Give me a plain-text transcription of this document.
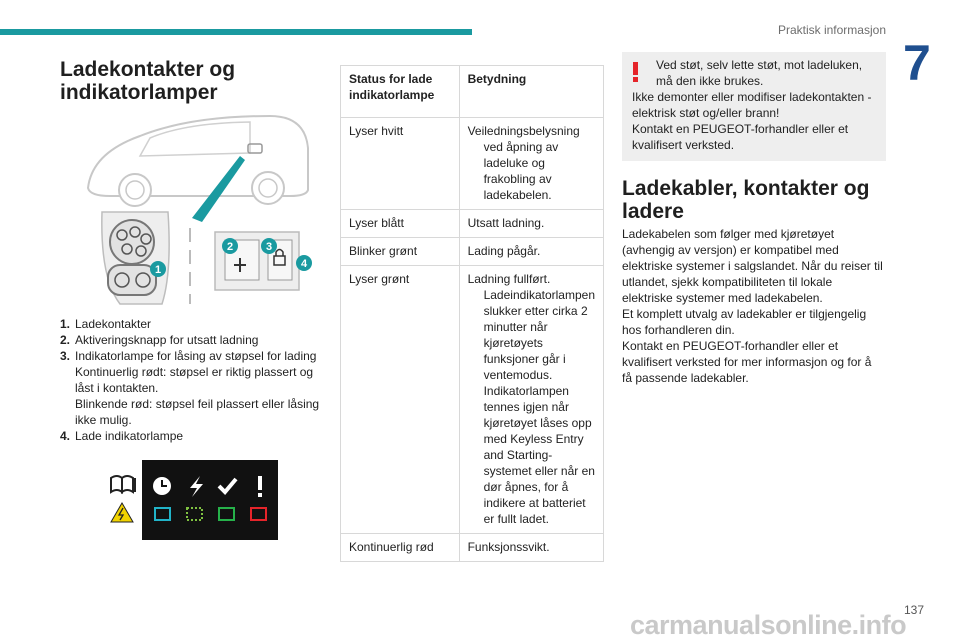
Praktisk informasjon
7
Ladekontakter og
indikatorlamper
1
2	3
4
1. Ladekontakter
2. Aktiveringsknapp for utsatt ladning
3. Indikatorlampe for låsing av støpsel for lading
Kontinuerlig rødt: støpsel er riktig plassert og låst i kontakten.
Blinkende rød: støpsel feil plassert eller låsing ikke mulig.
4. Lade indikatorlampe
Status for lade indikatorlampe	Betydning
Lyser hvitt	Veiledningsbelysning ved åpning av ladeluke og frakobling av ladekabelen.

Lyser blått	Utsatt ladning.
Blinker grønt	Lading pågår.
Lyser grønt	Ladning fullført. Ladeindikatorlampen slukker etter cirka 2 minutter når kjøretøyets funksjoner går i ventemodus. Indikatorlampen tennes igjen når kjøretøyet låses opp med Keyless Entry and Starting-systemet eller når en dør åpnes, for å indikere at batteriet er fullt ladet.

Kontinuerlig rød	Funksjonssvikt.
Ved støt, selv lette støt, mot ladeluken, må den ikke brukes.
Ikke demonter eller modifiser ladekontakten - elektrisk støt og/eller brann!
Kontakt en PEUGEOT-forhandler eller et kvalifisert verksted.
Ladekabler, kontakter og
ladere
Ladekabelen som følger med kjøretøyet (avhengig av versjon) er kompatibel med elektriske systemer i salgslandet. Når du reiser til utlandet, sjekk kompatibiliteten til lokale elektriske systemer med ladekabelen.
Et komplett utvalg av ladekabler er tilgjengelig hos forhandleren din.
Kontakt en PEUGEOT-forhandler eller et kvalifisert verksted for mer informasjon og for å få passende ladekabler.
137
carmanualsonline.info
